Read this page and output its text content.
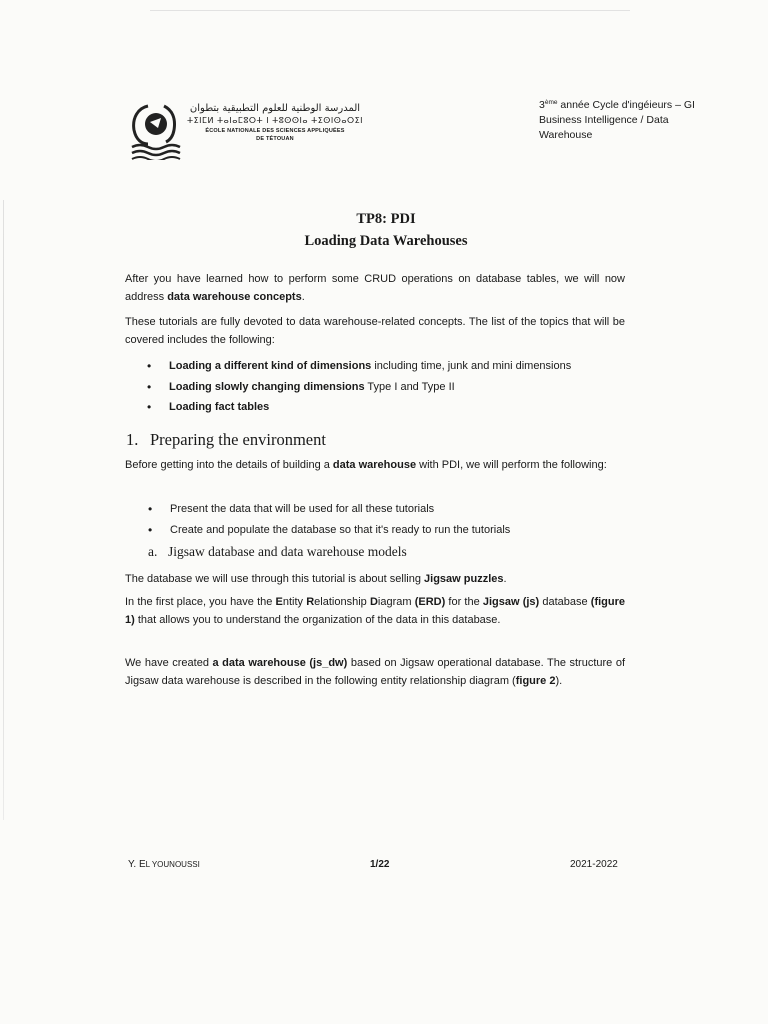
المدرسة الوطنية للعلوم التطبيقية بتطوان
ⵜⵉⵏⵎⵍ ⵜⴰⵏⴰⵎⵓⵔⵜ ⵏ ⵜⵓⵙⵙⵏⴰ ⵜⵉⵙⵏⵙⴰⵔⵉⵏ
ÉCOLE NATIONALE DES SCIENCES APPLIQUÉES
DE TÉTOUAN
3ème année Cycle d'ingéieurs – GI
Business Intelligence / Data
Warehouse
TP8: PDI
Loading Data Warehouses
After you have learned how to perform some CRUD operations on database tables, we will now address data warehouse concepts.
These tutorials are fully devoted to data warehouse-related concepts. The list of the topics that will be covered includes the following:
• Loading a different kind of dimensions including time, junk and mini dimensions
• Loading slowly changing dimensions Type I and Type II
• Loading fact tables
1. Preparing the environment
Before getting into the details of building a data warehouse with PDI, we will perform the following:
• Present the data that will be used for all these tutorials
• Create and populate the database so that it's ready to run the tutorials
a. Jigsaw database and data warehouse models
The database we will use through this tutorial is about selling Jigsaw puzzles.
In the first place, you have the Entity Relationship Diagram (ERD) for the Jigsaw (js) database (figure 1) that allows you to understand the organization of the data in this database.
We have created a data warehouse (js_dw) based on Jigsaw operational database. The structure of Jigsaw data warehouse is described in the following entity relationship diagram (figure 2).
Y. EL YOUNOUSSI	1/22	2021-2022
